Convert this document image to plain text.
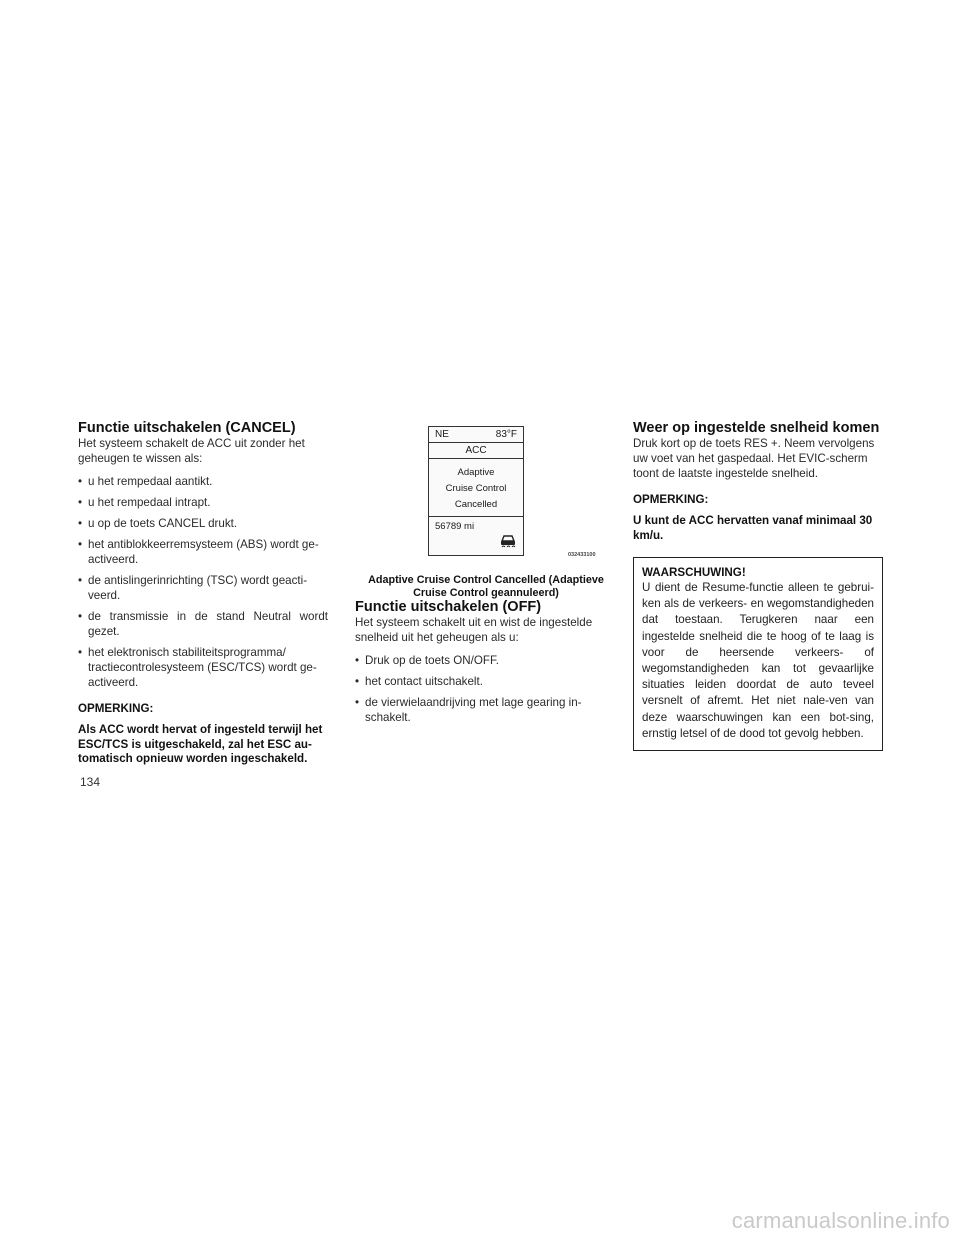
Functie uitschakelen (CANCEL)

Het systeem schakelt de ACC uit zonder het geheugen te wissen als:

• u het rempedaal aantikt.
• u het rempedaal intrapt.
• u op de toets CANCEL drukt.
• het antiblokkeerremsysteem (ABS) wordt ge-activeerd.
• de antislingerinrichting (TSC) wordt geacti-veerd.
• de transmissie in de stand Neutral wordt gezet.
• het elektronisch stabiliteitsprogramma/ tractiecontrolesysteem (ESC/TCS) wordt ge-activeerd.
OPMERKING:
Als ACC wordt hervat of ingesteld terwijl het ESC/TCS is uitgeschakeld, zal het ESC au-tomatisch opnieuw worden ingeschakeld.
NE	83°F
ACC
Adaptive
Cruise Control
Cancelled
56789 mi
032433100
Adaptive Cruise Control Cancelled (Adaptieve Cruise Control geannuleerd)
Functie uitschakelen (OFF)

Het systeem schakelt uit en wist de ingestelde snelheid uit het geheugen als u:

• Druk op de toets ON/OFF.
• het contact uitschakelt.
• de vierwielaandrijving met lage gearing in-schakelt.
Weer op ingestelde snelheid komen

Druk kort op de toets RES +. Neem vervolgens uw voet van het gaspedaal. Het EVIC-scherm toont de laatste ingestelde snelheid.

OPMERKING:
U kunt de ACC hervatten vanaf minimaal 30 km/u.
WAARSCHUWING!
U dient de Resume-functie alleen te gebrui-ken als de verkeers- en wegomstandigheden dat toestaan. Terugkeren naar een ingestelde snelheid die te hoog of te laag is voor de heersende verkeers- of wegomstandigheden kan tot gevaarlijke situaties leiden doordat de auto teveel versnelt of afremt. Het niet nale-ven van deze waarschuwingen kan een bot-sing, ernstig letsel of de dood tot gevolg hebben.
134
carmanualsonline.info
